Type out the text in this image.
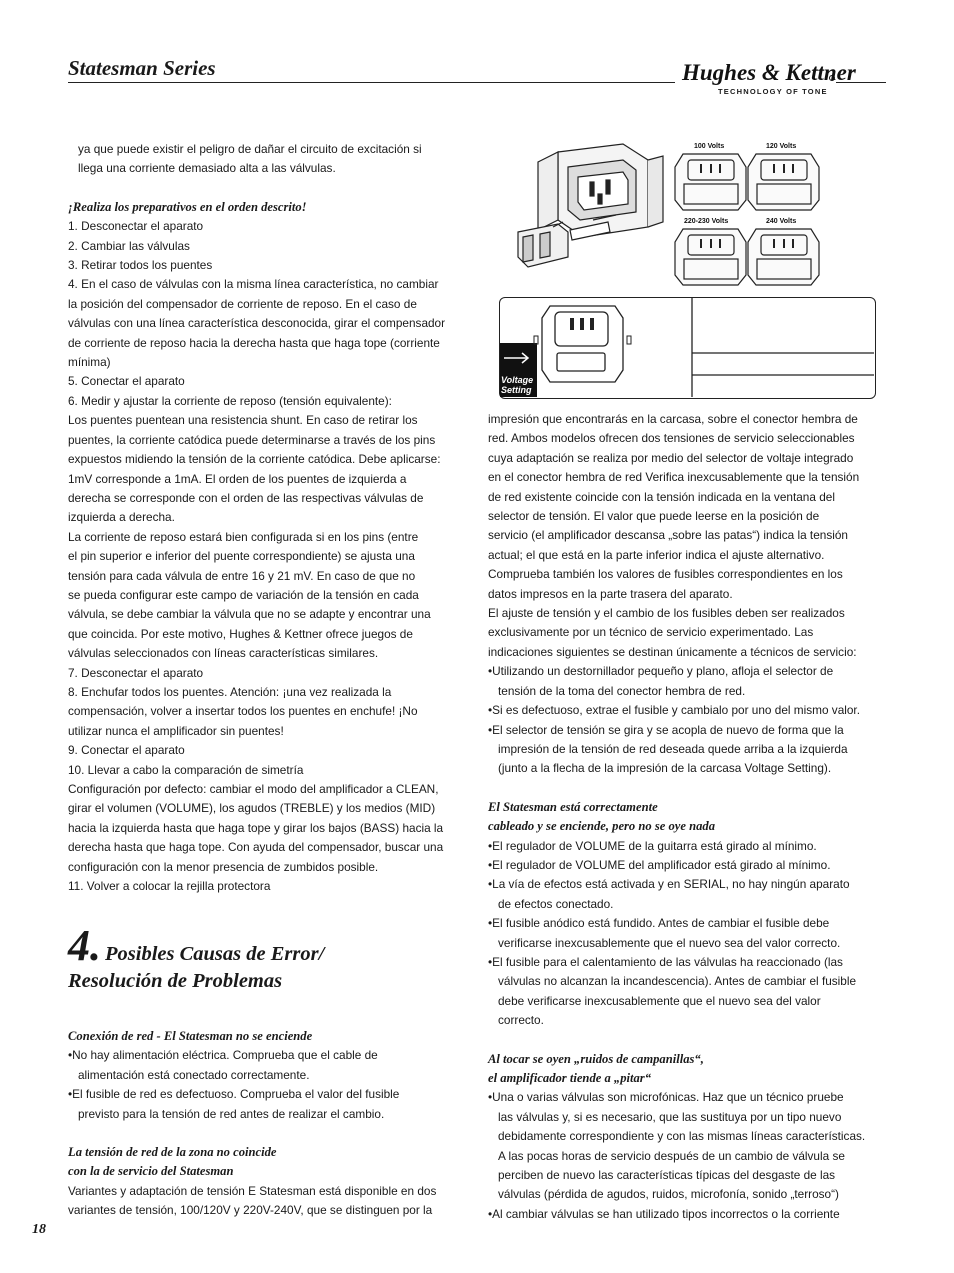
Statesman Series	Hughes & Kettner
TECHNOLOGY OF TONE

ya que puede existir el peligro de dañar el circuito de excitación si

llega una corriente demasiado alta a las válvulas.

¡Realiza los preparativos en el orden descrito!

1. Desconectar el aparato

2. Cambiar las válvulas

3. Retirar todos los puentes

4. En el caso de válvulas con la misma línea característica, no cambiar

la posición del compensador de corriente de reposo. En el caso de

válvulas con una línea característica desconocida, girar el compensador

de corriente de reposo hacia la derecha hasta que haga tope (corriente

mínima)

5. Conectar el aparato

6. Medir y ajustar la corriente de reposo (tensión equivalente):

Los puentes puentean una resistencia shunt. En caso de retirar los

puentes, la corriente catódica puede determinarse a través de los pins

expuestos midiendo la tensión de la corriente catódica. Debe aplicarse:

1mV corresponde a 1mA. El orden de los puentes de izquierda a

derecha se corresponde con el orden de las respectivas válvulas de

izquierda a derecha.

La corriente de reposo estará bien configurada si en los pins (entre

el pin superior e inferior del puente correspondiente) se ajusta una

tensión para cada válvula de entre 16 y 21 mV. En caso de que no

se pueda configurar este campo de variación de la tensión en cada

válvula, se debe cambiar la válvula que no se adapte y encontrar una

que coincida. Por este motivo, Hughes & Kettner ofrece juegos de

válvulas seleccionados con líneas características similares.

7. Desconectar el aparato

8. Enchufar todos los puentes. Atención: ¡una vez realizada la

compensación, volver a insertar todos los puentes en enchufe! ¡No

utilizar nunca el amplificador sin puentes!

9. Conectar el aparato

10. Llevar a cabo la comparación de simetría

Configuración por defecto: cambiar el modo del amplificador a CLEAN,

girar el volumen (VOLUME), los agudos (TREBLE) y los medios (MID)

hacia la izquierda hasta que haga tope y girar los bajos (BASS) hacia la

derecha hasta que haga tope. Con ayuda del compensador, buscar una

configuración con la menor presencia de zumbidos posible.

11. Volver a colocar la rejilla protectora

4. Posibles Causas de Error/
Resolución de Problemas

Conexión de red - El Statesman no se enciende

•No hay alimentación eléctrica. Comprueba que el cable de

alimentación está conectado correctamente.

•El fusible de red es defectuoso. Comprueba el valor del fusible

previsto para la tensión de red antes de realizar el cambio.

La tensión de red de la zona no coincide

con la de servicio del Statesman

Variantes y adaptación de tensión E Statesman está disponible en dos

variantes de tensión, 100/120V y 220V-240V, que se distinguen por la

100 Volts	120 Volts
220-230 Volts	240 Volts
Voltage
Setting

impresión que encontrarás en la carcasa, sobre el conector hembra de

red. Ambos modelos ofrecen dos tensiones de servicio seleccionables

cuya adaptación se realiza por medio del selector de voltaje integrado

en el conector hembra de red Verifica inexcusablemente que la tensión

de red existente coincide con la tensión indicada en la ventana del

selector de tensión. El valor que puede leerse en la posición de

servicio (el amplificador descansa „sobre las patas“) indica la tensión

actual; el que está en la parte inferior indica el ajuste alternativo.

Comprueba también los valores de fusibles correspondientes en los

datos impresos en la parte trasera del aparato.

El ajuste de tensión y el cambio de los fusibles deben ser realizados

exclusivamente por un técnico de servicio experimentado. Las

indicaciones siguientes se destinan únicamente a técnicos de servicio:

•Utilizando un destornillador pequeño y plano, afloja el selector de

tensión de la toma del conector hembra de red.

•Si es defectuoso, extrae el fusible y cambialo por uno del mismo valor.

•El selector de tensión se gira y se acopla de nuevo de forma que la

impresión de la tensión de red deseada quede arriba a la izquierda

(junto a la flecha de la impresión de la carcasa Voltage Setting).

El Statesman está correctamente

cableado y se enciende, pero no se oye nada

•El regulador de VOLUME de la guitarra está girado al mínimo.

•El regulador de VOLUME del amplificador está girado al mínimo.

•La vía de efectos está activada y en SERIAL, no hay ningún aparato

de efectos conectado.

•El fusible anódico está fundido. Antes de cambiar el fusible debe

verificarse inexcusablemente que el nuevo sea del valor correcto.

•El fusible para el calentamiento de las válvulas ha reaccionado (las

válvulas no alcanzan la incandescencia). Antes de cambiar el fusible

debe verificarse inexcusablemente que el nuevo sea del valor

correcto.

Al tocar se oyen „ruidos de campanillas“,

el amplificador tiende a „pitar“

•Una o varias válvulas son microfónicas. Haz que un técnico pruebe

las válvulas y, si es necesario, que las sustituya por un tipo nuevo

debidamente correspondiente y con las mismas líneas características.

A las pocas horas de servicio después de un cambio de válvula se

perciben de nuevo las características típicas del desgaste de las

válvulas (pérdida de agudos, ruidos, microfonía, sonido „terroso“)

•Al cambiar válvulas se han utilizado tipos incorrectos o la corriente

18
